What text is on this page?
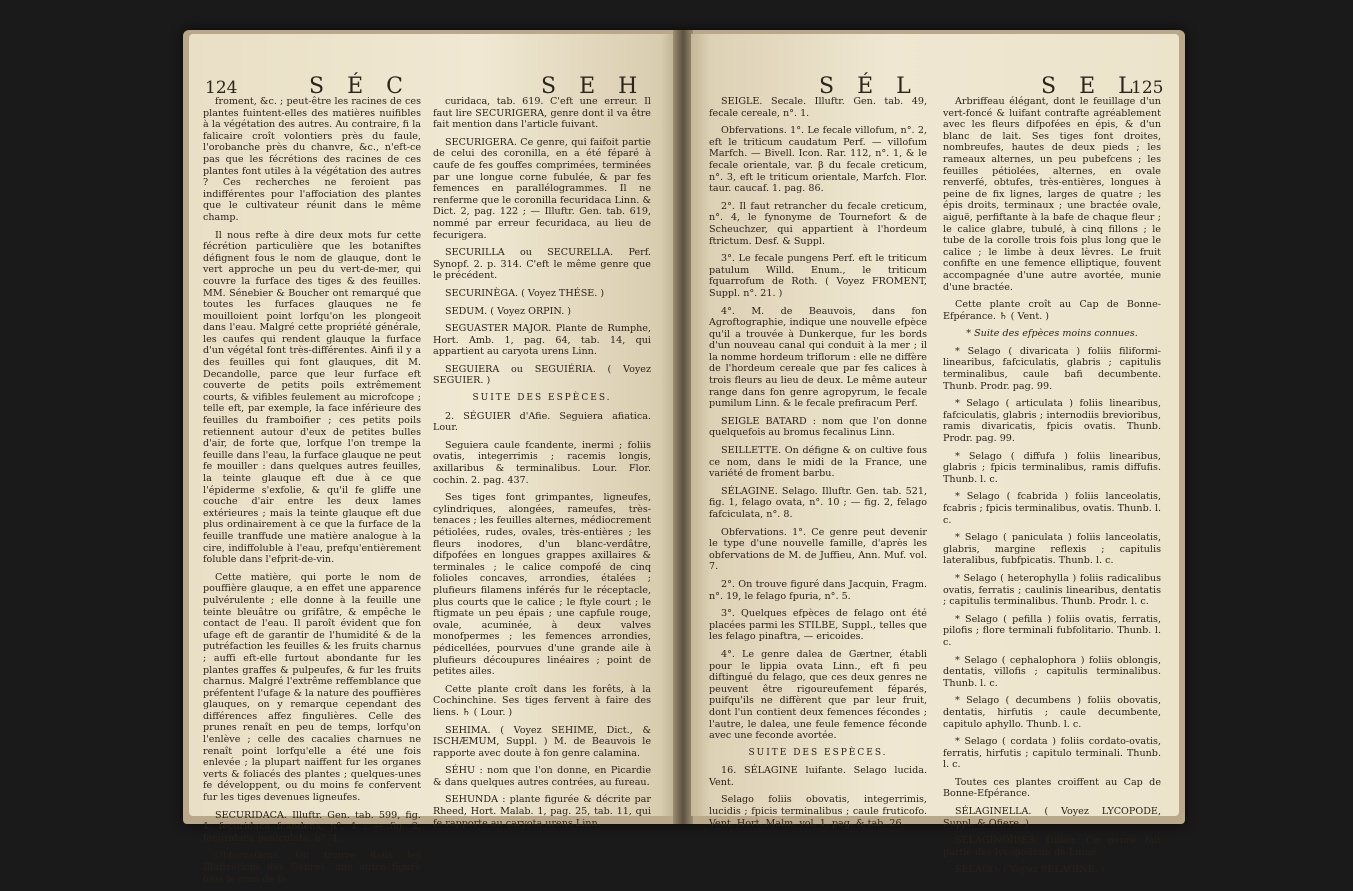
124	S É C	S E H

froment, &c. ; peut-être les racines de ces plantes fuintent-elles des matières nuifibles à la végétation des autres. Au contraire, fi la falicaire croît volontiers près du faule, l'orobanche près du chanvre, &c., n'eft-ce pas que les fécrétions des racines de ces plantes font utiles à la végétation des autres ? Ces recherches ne feroient pas indifférentes pour l'affociation des plantes que le cultivateur réunit dans le même champ.

Il nous refte à dire deux mots fur cette fécrétion particulière que les botaniftes défignent fous le nom de glauque, dont le vert approche un peu du vert-de-mer, qui couvre la furface des tiges & des feuilles. MM. Sénebier & Boucher ont remarqué que toutes les furfaces glauques ne fe mouilloient point lorfqu'on les plongeoit dans l'eau. Malgré cette propriété générale, les caufes qui rendent glauque la furface d'un végétal font très-différentes. Ainfi il y a des feuilles qui font glauques, dit M. Decandolle, parce que leur furface eft couverte de petits poils extrêmement courts, & vifibles feulement au microfcope ; telle eft, par exemple, la face inférieure des feuilles du framboifier ; ces petits poils retiennent autour d'eux de petites bulles d'air, de forte que, lorfque l'on trempe la feuille dans l'eau, la furface glauque ne peut fe mouiller : dans quelques autres feuilles, la teinte glauque eft due à ce que l'épiderme s'exfolie, & qu'il fe gliffe une couche d'air entre les deux lames extérieures ; mais la teinte glauque eft due plus ordinairement à ce que la furface de la feuille tranffude une matière analogue à la cire, indiffoluble à l'eau, prefqu'entièrement foluble dans l'efprit-de-vin.

Cette matière, qui porte le nom de pouffière glauque, a en effet une apparence pulvérulente ; elle donne à la feuille une teinte bleuâtre ou grifâtre, & empêche le contact de l'eau. Il paroît évident que fon ufage eft de garantir de l'humidité & de la putréfaction les feuilles & les fruits charnus ; auffi eft-elle furtout abondante fur les plantes graffes & pulpeufes, & fur les fruits charnus. Malgré l'extrême reffemblance que préfentent l'ufage & la nature des pouffières glauques, on y remarque cependant des différences affez fingulières. Celle des prunes renaît en peu de temps, lorfqu'on l'enlève ; celle des cacalies charnues ne renaît point lorfqu'elle a été une fois enlevée ; la plupart naiffent fur les organes verts & foliacés des plantes ; quelques-unes fe développent, ou du moins fe confervent fur les tiges devenues ligneufes.

SECURIDACA. Illuftr. Gen. tab. 599, fig. 1, fecuridaca fcandens, n°. 1 ; — fig. 2, fecuridaca paniculata, n°. 4.

Obfervations. On trouve dans les Illuftrations des Genres, une autre figure fous le nom de fe-

curidaca, tab. 619. C'eft une erreur. Il faut lire SECURIGERA, genre dont il va être fait mention dans l'article fuivant.

SECURIGERA. Ce genre, qui faifoit partie de celui des coronilla, en a été féparé à caufe de fes gouffes comprimées, terminées par une longue corne fubulée, & par fes femences en parallélogrammes. Il ne renferme que le coronilla fecuridaca Linn. & Dict. 2, pag. 122 ; — Illuftr. Gen. tab. 619, nommé par erreur fecuridaca, au lieu de fecurigera.

SECURILLA ou SECURELLA. Perf. Synopf. 2. p. 314. C'eft le même genre que le précédent.

SECURINÈGA. ( Voyez THÉSE. )

SEDUM. ( Voyez ORPIN. )

SEGUASTER MAJOR. Plante de Rumphe, Hort. Amb. 1, pag. 64, tab. 14, qui appartient au caryota urens Linn.

SEGUIERA ou SEGUIÉRIA. ( Voyez SEGUIER. )

SUITE DES ESPÈCES.

2. SÉGUIER d'Afie. Seguiera afiatica. Lour.

Seguiera caule fcandente, inermi ; foliis ovatis, integerrimis ; racemis longis, axillaribus & terminalibus. Lour. Flor. cochin. 2. pag. 437.

Ses tiges font grimpantes, ligneufes, cylindriques, alongées, rameufes, très-tenaces ; les feuilles alternes, médiocrement pétiolées, rudes, ovales, très-entières ; les fleurs inodores, d'un blanc-verdâtre, difpofées en longues grappes axillaires & terminales ; le calice compofé de cinq folioles concaves, arrondies, étalées ; plufieurs filamens inférés fur le réceptacle, plus courts que le calice ; le ftyle court ; le ftigmate un peu épais ; une capfule rouge, ovale, acuminée, à deux valves monofpermes ; les femences arrondies, pédicellées, pourvues d'une grande aile à plufieurs découpures linéaires ; point de petites ailes.

Cette plante croît dans les forêts, à la Cochinchine. Ses tiges fervent à faire des liens. ♄ ( Lour. )

SEHIMA. ( Voyez SEHIME, Dict., & ISCHÆMUM, Suppl. ) M. de Beauvois le rapporte avec doute à fon genre calamina.

SÉHU : nom que l'on donne, en Picardie & dans quelques autres contrées, au fureau.

SEHUNDA : plante figurée & décrite par Rheed, Hort. Malab. 1, pag. 25, tab. 11, qui fe rapporte au caryota urens Linn.

S É L	S E L
125

SEIGLE. Secale. Illuftr. Gen. tab. 49, fecale cereale, n°. 1.

Obfervations. 1°. Le fecale villofum, n°. 2, eft le triticum caudatum Perf. — villofum Marfch. — Bivell. Icon. Rar. 112, n°. 1, & le fecale orientale, var. β du fecale creticum, n°. 3, eft le triticum orientale, Marfch. Flor. taur. caucaf. 1. pag. 86.

2°. Il faut retrancher du fecale creticum, n°. 4, le fynonyme de Tournefort & de Scheuchzer, qui appartient à l'hordeum ftrictum. Desf. & Suppl.

3°. Le fecale pungens Perf. eft le triticum patulum Willd. Enum., le triticum fquarrofum de Roth. ( Voyez FROMENT, Suppl. n°. 21. )

4°. M. de Beauvois, dans fon Agroftographie, indique une nouvelle efpèce qu'il a trouvée à Dunkerque, fur les bords d'un nouveau canal qui conduit à la mer ; il la nomme hordeum triflorum : elle ne diffère de l'hordeum cereale que par fes calices à trois fleurs au lieu de deux. Le même auteur range dans fon genre agropyrum, le fecale pumilum Linn. & le fecale prefiracum Perf.

SEIGLE BATARD : nom que l'on donne quelquefois au bromus fecalinus Linn.

SEILLETTE. On défigne & on cultive fous ce nom, dans le midi de la France, une variété de froment barbu.

SÉLAGINE. Selago. Illuftr. Gen. tab. 521, fig. 1, felago ovata, n°. 10 ; — fig. 2, felago fafciculata, n°. 8.

Obfervations. 1°. Ce genre peut devenir le type d'une nouvelle famille, d'après les obfervations de M. de Juffieu, Ann. Muf. vol. 7.

2°. On trouve figuré dans Jacquin, Fragm. n°. 19, le felago fpuria, n°. 5.

3°. Quelques efpèces de felago ont été placées parmi les STILBE, Suppl., telles que les felago pinaftra, — ericoides.

4°. Le genre dalea de Gærtner, établi pour le lippia ovata Linn., eft fi peu diftingué du felago, que ces deux genres ne peuvent être rigoureufement féparés, puifqu'ils ne diffèrent que par leur fruit, dont l'un contient deux femences fécondes ; l'autre, le dalea, une feule femence féconde avec une feconde avortée.

SUITE DES ESPÈCES.

16. SÉLAGINE luifante. Selago lucida. Vent.

Selago foliis obovatis, integerrimis, lucidis ; fpicis terminalibus ; caule fruticofo. Vent. Hort. Malm. vol. 1. pag. & tab. 26.

Arbriffeau élégant, dont le feuillage d'un vert-foncé & luifant contrafte agréablement avec les fleurs difpofées en épis, & d'un blanc de lait. Ses tiges font droites, nombreufes, hautes de deux pieds ; les rameaux alternes, un peu pubefcens ; les feuilles pétiolées, alternes, en ovale renverfé, obtufes, très-entières, longues à peine de fix lignes, larges de quatre ; les épis droits, terminaux ; une bractée ovale, aiguë, perfiftante à la bafe de chaque fleur ; le calice glabre, tubulé, à cinq fillons ; le tube de la corolle trois fois plus long que le calice ; le limbe à deux lèvres. Le fruit confifte en une femence elliptique, fouvent accompagnée d'une autre avortée, munie d'une bractée.

Cette plante croît au Cap de Bonne-Efpérance. ♄ ( Vent. )

* Suite des efpèces moins connues.

* Selago ( divaricata ) foliis filiformi-linearibus, fafciculatis, glabris ; capitulis terminalibus, caule bafi decumbente. Thunb. Prodr. pag. 99.

* Selago ( articulata ) foliis linearibus, fafciculatis, glabris ; internodiis brevioribus, ramis divaricatis, fpicis ovatis. Thunb. Prodr. pag. 99.

* Selago ( diffufa ) foliis linearibus, glabris ; fpicis terminalibus, ramis diffufis. Thunb. l. c.

* Selago ( fcabrida ) foliis lanceolatis, fcabris ; fpicis terminalibus, ovatis. Thunb. l. c.

* Selago ( paniculata ) foliis lanceolatis, glabris, margine reflexis ; capitulis lateralibus, fubfpicatis. Thunb. l. c.

* Selago ( heterophylla ) foliis radicalibus ovatis, ferratis ; caulinis linearibus, dentatis ; capitulis terminalibus. Thunb. Prodr. l. c.

* Selago ( pefilla ) foliis ovatis, ferratis, pilofis ; flore terminali fubfolitario. Thunb. l. c.

* Selago ( cephalophora ) foliis oblongis, dentatis, villofis ; capitulis terminalibus. Thunb. l. c.

* Selago ( decumbens ) foliis obovatis, dentatis, hirfutis ; caule decumbente, capitulo aphyllo. Thunb. l. c.

* Selago ( cordata ) foliis cordato-ovatis, ferratis, hirfutis ; capitulo terminali. Thunb. l. c.

Toutes ces plantes croiffent au Cap de Bonne-Efpérance.

SÉLAGINELLA. ( Voyez LYCOPODE, Suppl. & Ofiere. )

SÉLAGINOÏDES. Dillen. Ce genre fait partie des lycopodium de Linné.

SELAGO. ( Voyez SÉLAGINE. )
